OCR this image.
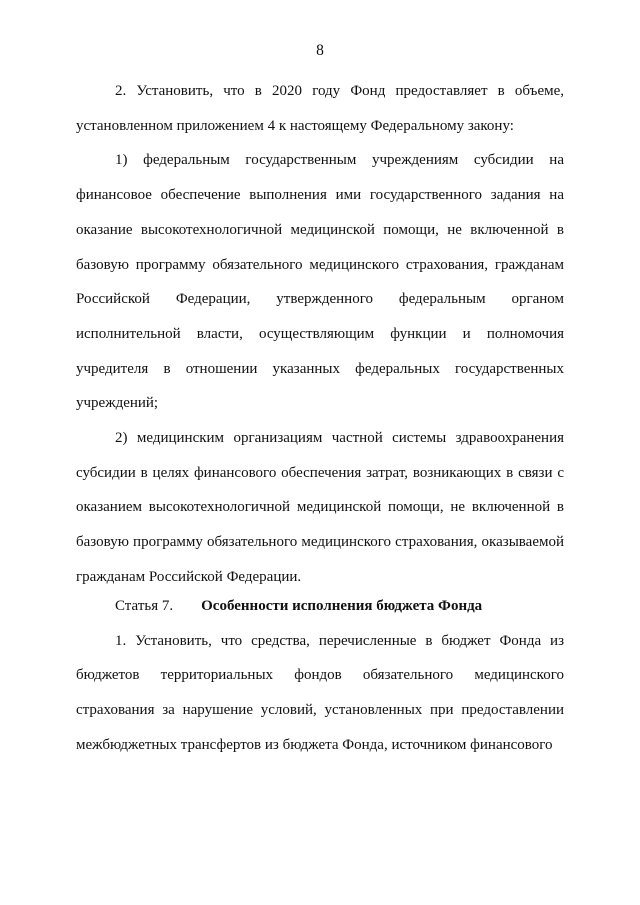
8

2. Установить, что в 2020 году Фонд предоставляет в объеме, установленном приложением 4 к настоящему Федеральному закону:

1) федеральным государственным учреждениям субсидии на финансовое обеспечение выполнения ими государственного задания на оказание высокотехнологичной медицинской помощи, не включенной в базовую программу обязательного медицинского страхования, гражданам Российской Федерации, утвержденного федеральным органом исполнительной власти, осуществляющим функции и полномочия учредителя в отношении указанных федеральных государственных учреждений;

2) медицинским организациям частной системы здравоохранения субсидии в целях финансового обеспечения затрат, возникающих в связи с оказанием высокотехнологичной медицинской помощи, не включенной в базовую программу обязательного медицинского страхования, оказываемой гражданам Российской Федерации.

Статья 7. Особенности исполнения бюджета Фонда

1. Установить, что средства, перечисленные в бюджет Фонда из бюджетов территориальных фондов обязательного медицинского страхования за нарушение условий, установленных при предоставлении межбюджетных трансфертов из бюджета Фонда, источником финансового
